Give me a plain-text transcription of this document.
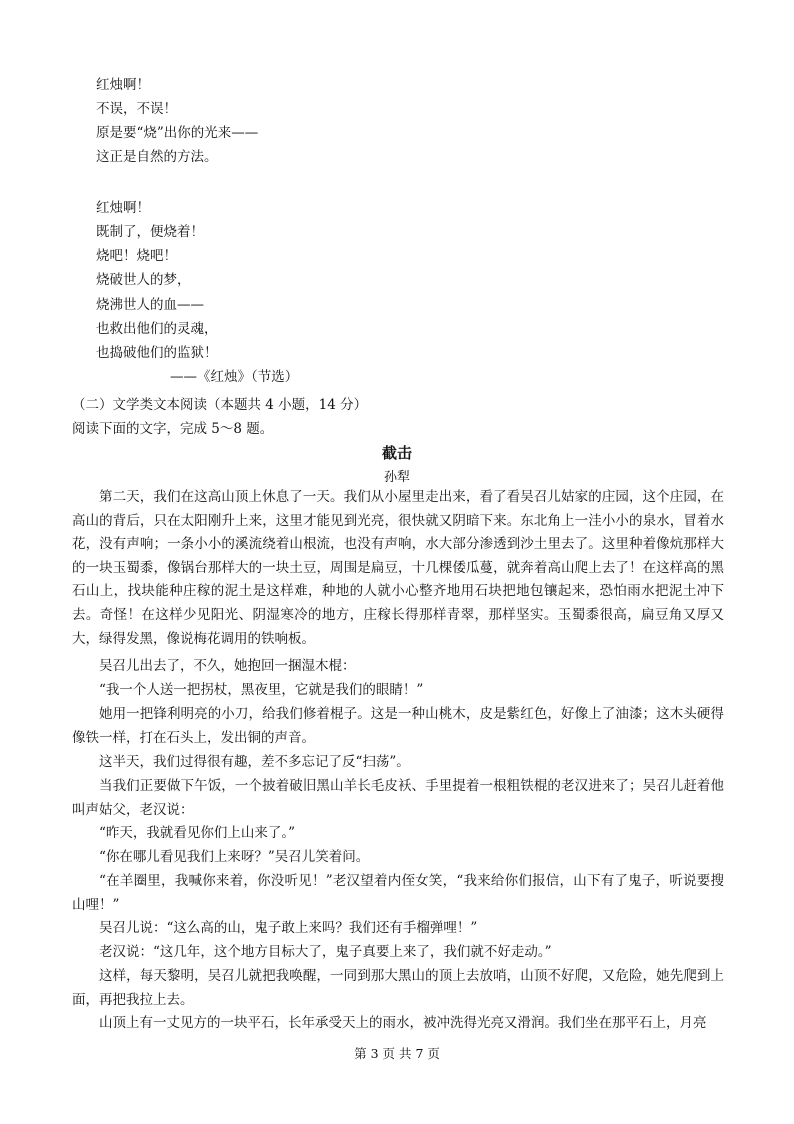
红烛啊！
不误，不误！
原是要“烧”出你的光来——
这正是自然的方法。
红烛啊！
既制了，便烧着！
烧吧！烧吧！
烧破世人的梦，
烧沸世人的血——
也救出他们的灵魂，
也捣破他们的监狱！
——《红烛》（节选）
（二）文学类文本阅读（本题共 4 小题，14 分）
阅读下面的文字，完成 5～8 题。
截击
孙犁
第二天，我们在这高山顶上休息了一天。我们从小屋里走出来，看了看吴召儿姑家的庄园，这个庄园，在高山的背后，只在太阳刚升上来，这里才能见到光亮，很快就又阴暗下来。东北角上一洼小小的泉水，冒着水花，没有声响；一条小小的溪流绕着山根流，也没有声响，水大部分渗透到沙土里去了。这里种着像炕那样大的一块玉蜀黍，像锅台那样大的一块土豆，周围是扁豆，十几棵倭瓜蔓，就奔着高山爬上去了！在这样高的黑石山上，找块能种庄稼的泥土是这样难，种地的人就小心整齐地用石块把地包镶起来，恐怕雨水把泥土冲下去。奇怪！在这样少见阳光、阴湿寒冷的地方，庄稼长得那样青翠，那样坚实。玉蜀黍很高，扁豆角又厚又大，绿得发黑，像说梅花调用的铁响板。
吴召儿出去了，不久，她抱回一捆湿木棍：
“我一个人送一把拐杖，黑夜里，它就是我们的眼睛！”
她用一把锋利明亮的小刀，给我们修着棍子。这是一种山桃木，皮是紫红色，好像上了油漆；这木头硬得像铁一样，打在石头上，发出铜的声音。
这半天，我们过得很有趣，差不多忘记了反“扫荡”。
当我们正要做下午饭，一个披着破旧黑山羊长毛皮袄、手里提着一根粗铁棍的老汉进来了；吴召儿赶着他叫声姑父，老汉说：
“昨天，我就看见你们上山来了。”
“你在哪儿看见我们上来呀？”吴召儿笑着问。
“在羊圈里，我喊你来着，你没听见！”老汉望着内侄女笑，“我来给你们报信，山下有了鬼子，听说要搜山哩！”
吴召儿说：“这么高的山，鬼子敢上来吗？我们还有手榴弹哩！”
老汉说：“这几年，这个地方目标大了，鬼子真要上来了，我们就不好走动。”
这样，每天黎明，吴召儿就把我唤醒，一同到那大黑山的顶上去放哨，山顶不好爬，又危险，她先爬到上面，再把我拉上去。
山顶上有一丈见方的一块平石，长年承受天上的雨水，被冲洗得光亮又滑润。我们坐在那平石上，月亮
第 3 页 共 7 页
